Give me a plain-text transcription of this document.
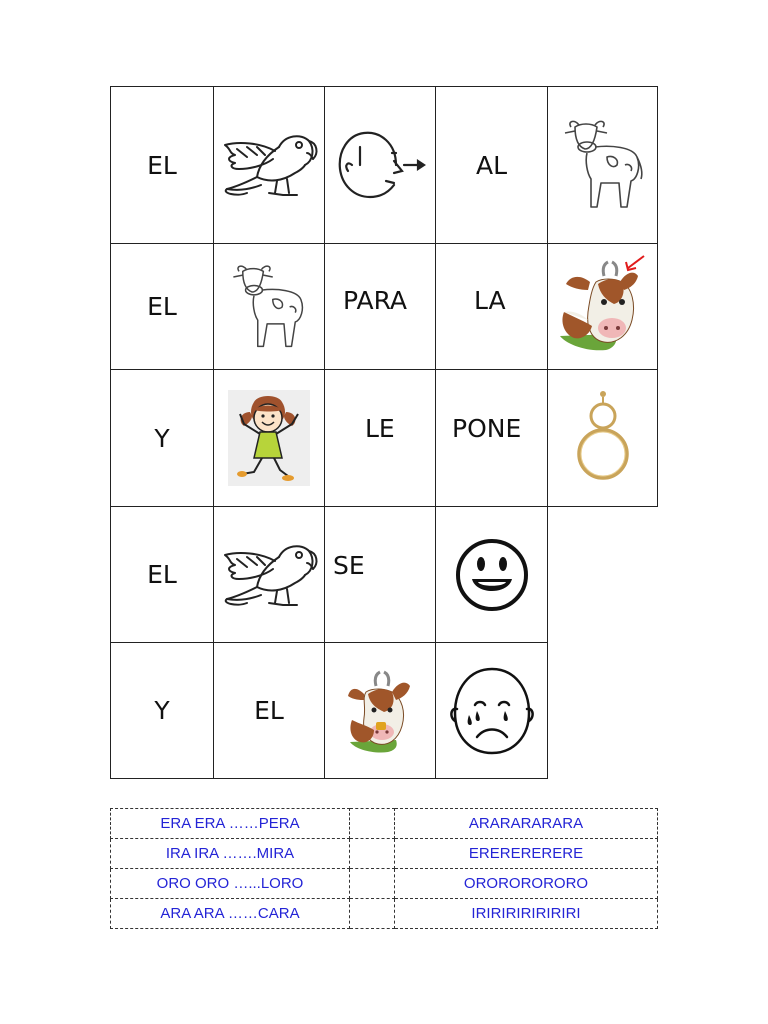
EL			AL

EL		PARA	LA

Y		LE	PONE

EL		SE

Y	EL

ERA ERA ……PERA		ARARARARARA
IRA IRA …….MIRA		ERERERERERE
ORO ORO …...LORO		ORORORORORO
ARA ARA ……CARA		IRIRIRIRIRIRIRI
